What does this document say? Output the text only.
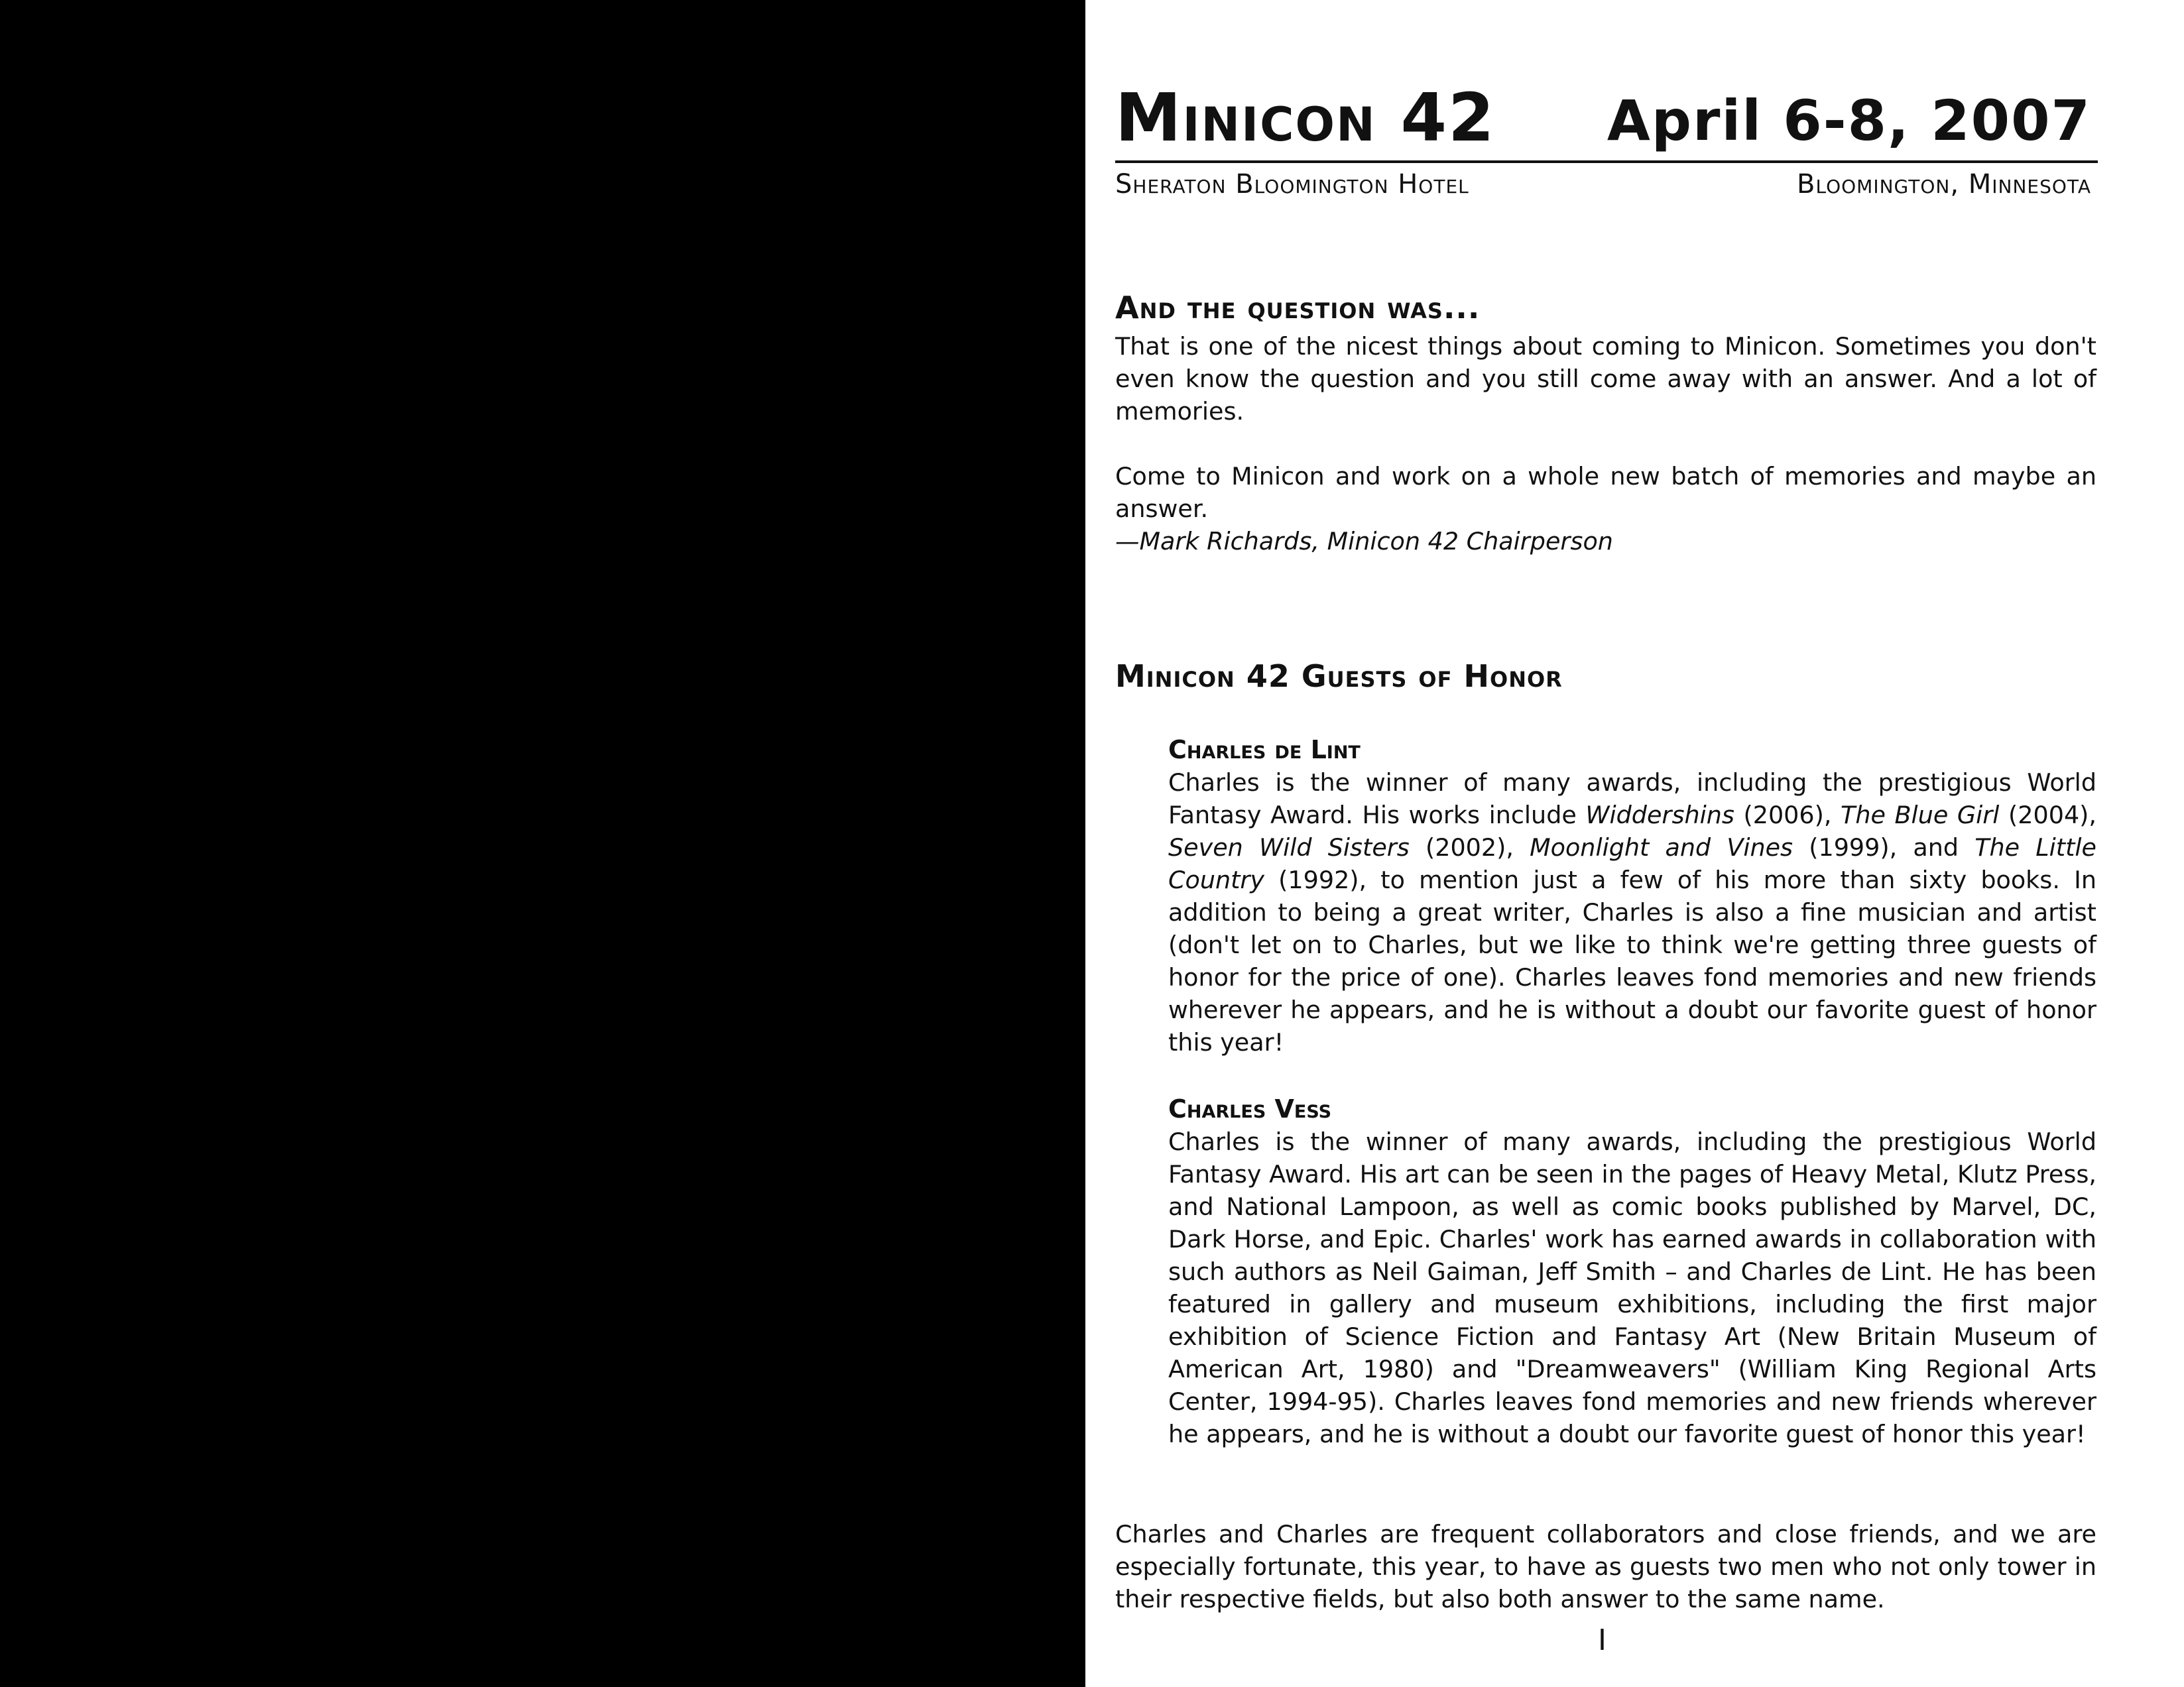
Minicon 42 April 6-8, 2007
Sheraton Bloomington Hotel	Bloomington, Minnesota
And the question was...

That is one of the nicest things about coming to Minicon. Sometimes you don't even know the question and you still come away with an answer. And a lot of memories.

Come to Minicon and work on a whole new batch of memories and maybe an answer.

—Mark Richards, Minicon 42 Chairperson

Minicon 42 Guests of Honor

Charles de Lint

Charles is the winner of many awards, including the prestigious World Fantasy Award. His works include Widdershins (2006), The Blue Girl (2004), Seven Wild Sisters (2002), Moonlight and Vines (1999), and The Little Country (1992), to mention just a few of his more than sixty books. In addition to being a great writer, Charles is also a fine musician and artist (don't let on to Charles, but we like to think we're getting three guests of honor for the price of one). Charles leaves fond memories and new friends wherever he appears, and he is without a doubt our favorite guest of honor this year!

Charles Vess

Charles is the winner of many awards, including the prestigious World Fantasy Award. His art can be seen in the pages of Heavy Metal, Klutz Press, and National Lampoon, as well as comic books published by Marvel, DC, Dark Horse, and Epic. Charles' work has earned awards in collaboration with such authors as Neil Gaiman, Jeff Smith – and Charles de Lint. He has been featured in gallery and museum exhibitions, including the first major exhibition of Science Fiction and Fantasy Art (New Britain Museum of American Art, 1980) and "Dreamweavers" (William King Regional Arts Center, 1994-95). Charles leaves fond memories and new friends wherever he appears, and he is without a doubt our favorite guest of honor this year!

Charles and Charles are frequent collaborators and close friends, and we are especially fortunate, this year, to have as guests two men who not only tower in their respective fields, but also both answer to the same name.

I
